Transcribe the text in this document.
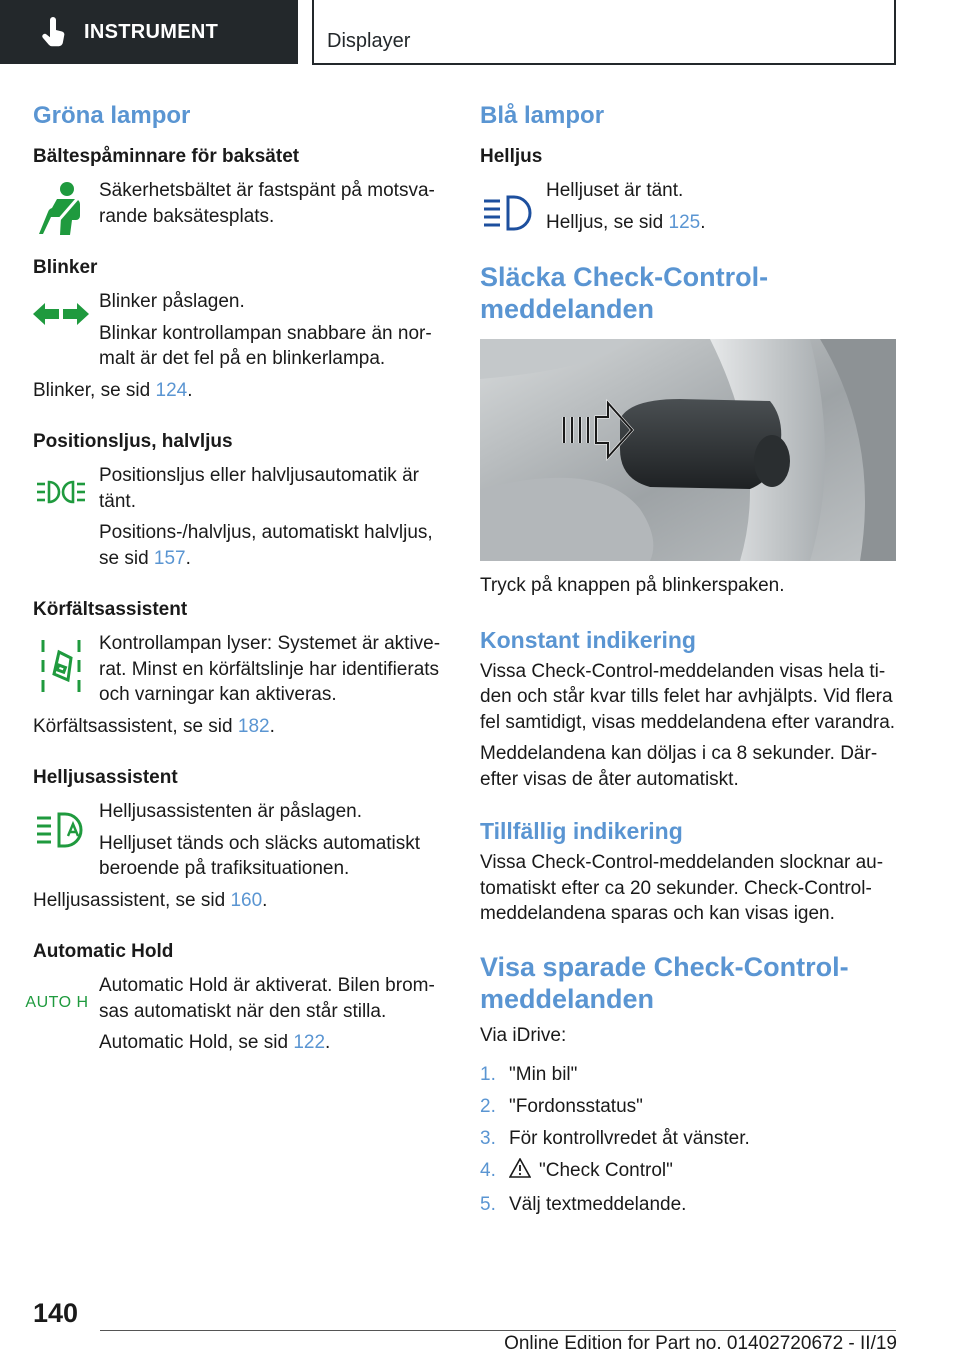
INSTRUMENT	Displayer
Gröna lampor
Bältespåminnare för baksätet

Säkerhetsbältet är fastspänt på motsvarande baksätesplats.

Blinker

Blinker påslagen.

Blinkar kontrollampan snabbare än normalt är det fel på en blinkerlampa.

Blinker, se sid 124.

Positionsljus, halvljus

Positionsljus eller halvljusautomatik är tänt.

Positions-/halvljus, automatiskt halvljus, se sid 157.

Körfältsassistent

Kontrollampan lyser: Systemet är aktiverat. Minst en körfältslinje har identifierats och varningar kan aktiveras.

Körfältsassistent, se sid 182.

Helljusassistent

Helljusassistenten är påslagen.

Helljuset tänds och släcks automatiskt beroende på trafiksituationen.

Helljusassistent, se sid 160.

Automatic Hold
AUTO H

Automatic Hold är aktiverat. Bilen bromsas automatiskt när den står stilla.

Automatic Hold, se sid 122.

Blå lampor
Helljus

Helljuset är tänt.

Helljus, se sid 125.

Släcka Check-Control-meddelanden

Tryck på knappen på blinkerspaken.

Konstant indikering

Vissa Check-Control-meddelanden visas hela tiden och står kvar tills felet har avhjälpts. Vid flera fel samtidigt, visas meddelandena efter varandra.

Meddelandena kan döljas i ca 8 sekunder. Därefter visas de åter automatiskt.

Tillfällig indikering

Vissa Check-Control-meddelanden slocknar automatiskt efter ca 20 sekunder. Check-Control-meddelandena sparas och kan visas igen.

Visa sparade Check-Control-meddelanden

Via iDrive:

1. "Min bil"
2. "Fordonsstatus"
3. För kontrollvredet åt vänster.
4. "Check Control"
5. Välj textmeddelande.
140
Online Edition for Part no. 01402720672 - II/19
